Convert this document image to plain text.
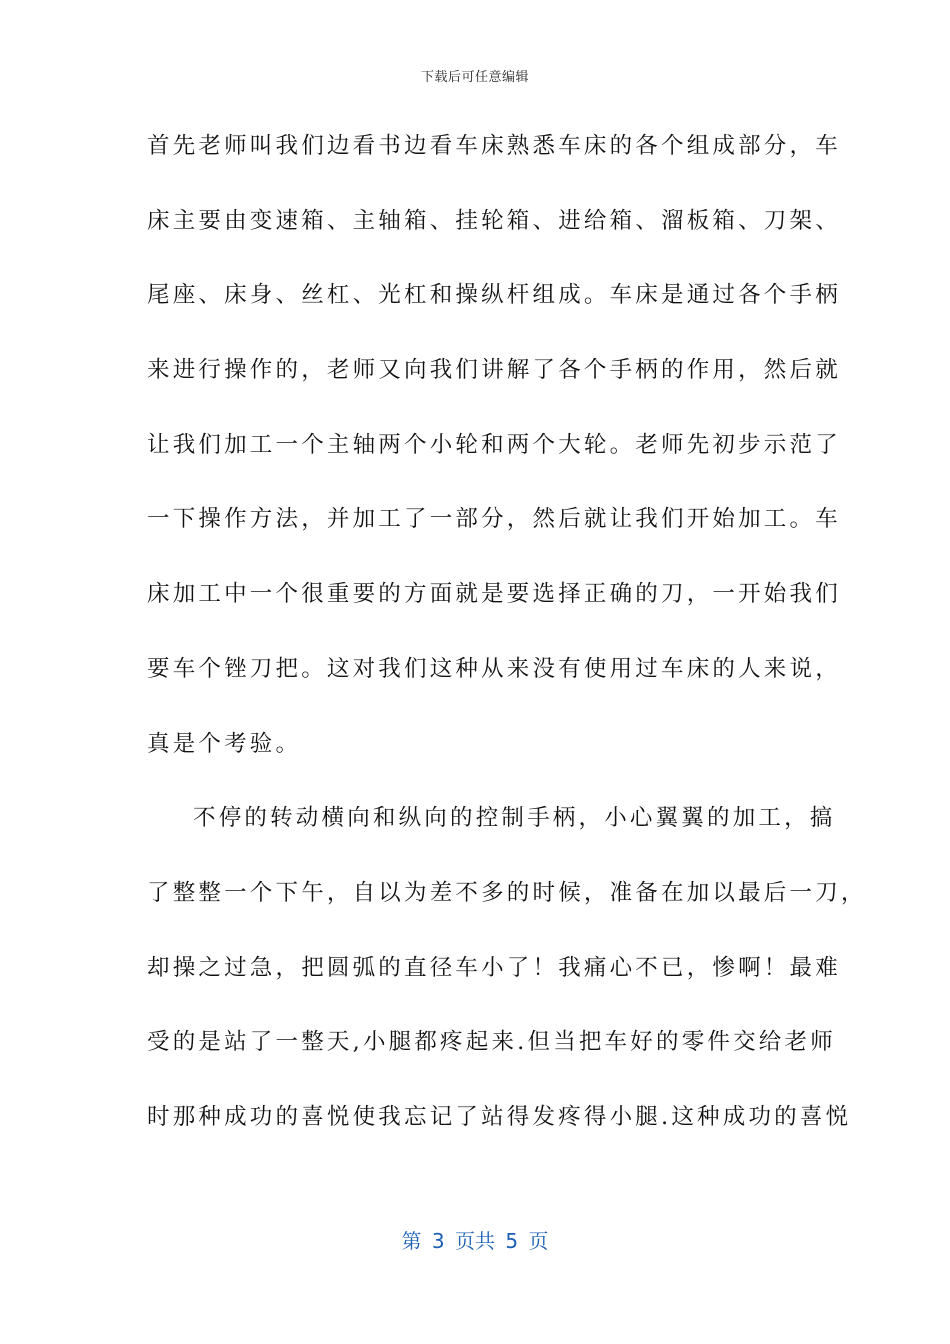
下载后可任意编辑
首先老师叫我们边看书边看车床熟悉车床的各个组成部分，车
床主要由变速箱、主轴箱、挂轮箱、进给箱、溜板箱、刀架、
尾座、床身、丝杠、光杠和操纵杆组成。车床是通过各个手柄
来进行操作的，老师又向我们讲解了各个手柄的作用，然后就
让我们加工一个主轴两个小轮和两个大轮。老师先初步示范了
一下操作方法，并加工了一部分，然后就让我们开始加工。车
床加工中一个很重要的方面就是要选择正确的刀，一开始我们
要车个锉刀把。这对我们这种从来没有使用过车床的人来说，
真是个考验。
不停的转动横向和纵向的控制手柄，小心翼翼的加工，搞
了整整一个下午，自以为差不多的时候，准备在加以最后一刀，
却操之过急，把圆弧的直径车小了！我痛心不已，惨啊！最难
受的是站了一整天,小腿都疼起来.但当把车好的零件交给老师
时那种成功的喜悦使我忘记了站得发疼得小腿.这种成功的喜悦
第 3 页共 5 页
